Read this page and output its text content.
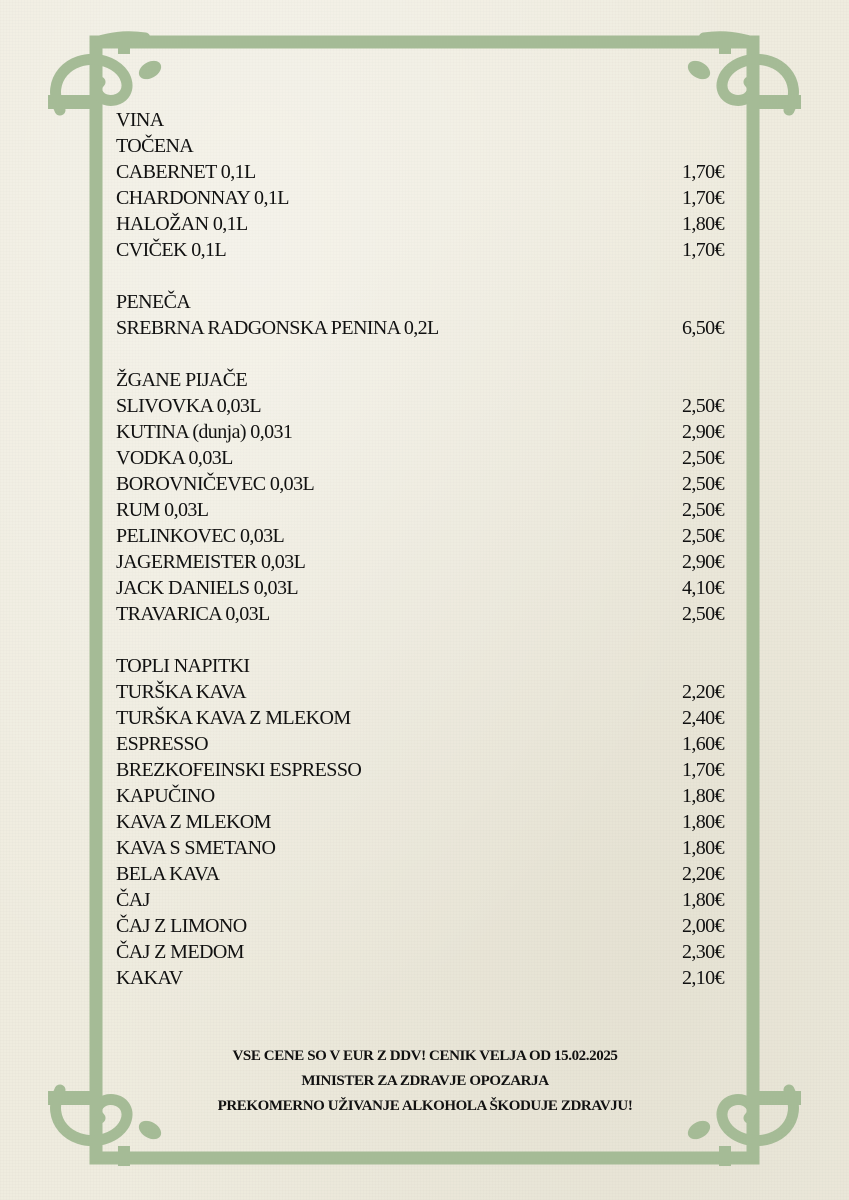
VINA
TOČENA
CABERNET 0,1L	1,70€
CHARDONNAY 0,1L	1,70€
HALOŽAN 0,1L	1,80€
CVIČEK 0,1L	1,70€
PENEČA
SREBRNA RADGONSKA PENINA 0,2L	6,50€
ŽGANE PIJAČE
SLIVOVKA 0,03L	2,50€
KUTINA (dunja) 0,031	2,90€
VODKA 0,03L	2,50€
BOROVNIČEVEC 0,03L	2,50€
RUM 0,03L	2,50€
PELINKOVEC 0,03L	2,50€
JAGERMEISTER 0,03L	2,90€
JACK DANIELS 0,03L	4,10€
TRAVARICA 0,03L	2,50€
TOPLI NAPITKI
TURŠKA KAVA	2,20€
TURŠKA KAVA Z MLEKOM	2,40€
ESPRESSO	1,60€
BREZKOFEINSKI ESPRESSO	1,70€
KAPUČINO	1,80€
KAVA Z MLEKOM	1,80€
KAVA S SMETANO	1,80€
BELA KAVA	2,20€
ČAJ	1,80€
ČAJ Z LIMONO	2,00€
ČAJ Z MEDOM	2,30€
KAKAV	2,10€
VSE CENE SO V EUR Z DDV! CENIK VELJA OD 15.02.2025
MINISTER ZA ZDRAVJE OPOZARJA
PREKOMERNO UŽIVANJE ALKOHOLA ŠKODUJE ZDRAVJU!
